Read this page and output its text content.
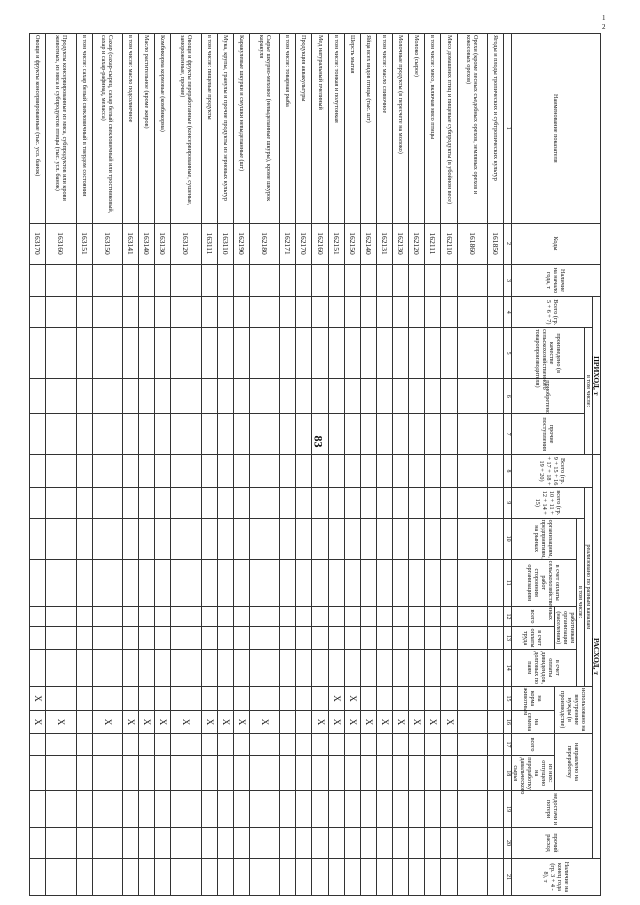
83
1
2
Наименование показателя	Коды	Наличие на начало года, т	ПРИХОД, т				РАСХОД, т													Наличие на конец года (гр. 3 + 4 - 8), т
			Всего (гр. 5 + 6 + 7)	в том числе:			Всего (гр. 9 + 15 + 16 + 17 + 18 + 19 + 20)	реализовано по разным каналам						использовано на внутренние нужды (в производстве)		направлено на переработку		недостачи и потери	прочий расход	
				произведено (в качестве сельскохозяйственного товаропроизводителя)	приобретено	прочие поступления		всего (гр. 10 + 11 + 12 + 14 + 15)	в том числе:											
									организациям, предприятиям, на рынках	в счет оплаты сельскохозяйственных работ сторонним организациям	работникам организации (населению)		в счет оплаты дивидендов, долговых по паям							
											всего	в счет оплаты труда		на корма животным	на семена	всего	из них: отпущено на переработку давальческого сырья			
1	2	3	4	5	6	7	8	9	10	11	12	13	14	15	16	17	18	19	20	21
Ягоды и плоды тропических и субтропических культур	161850																			
Орехи (кроме лесных съедобных орехов, земляных орехов и кокосовых орехов)	161860																			
Мясо домашних птиц и пищевые субпродукты (в убойном весе)	162110														X					
в том числе: мясо, включая мясо птицы	162111														X					
Молоко (сырое)	162120														X					
Молочные продукты (в пересчете на молоко)	162130														X					
в том числе: масло сливочное	162131														X					
Яйца всех видов птицы (тыс. шт)	162140														X					
Шерсть мытая	162150													X	X					
в том числе: тонкая и полутонкая	162151													X	X					
Мед натуральный пчелиный	162160														X					
Продукция аквакультуры	162170																			
в том числе: товарная рыба	162171																			
Сырье шкурно-меховое (невыделанные шкуры), кроме шкурок каракуля	162180														X					
Каракулевые шкурки и смушки невыделанные (шт)	162190														X					
Мука, крупы, гранулы и прочие продукты из зерновых культур	163110														X					
в том числе: пищевые продукты	163111														X					
Овощи и фрукты переработанные (консервированные, сушеные, замороженные, прочие)	163120														X					
Комбикорма кормовые (комбикорма)	163130														X					
Масло растительное (кроме жиров)	163140														X					
в том числе: масло подсолнечное	163141														X					
Сахар (сахар-сырец, сахар белый свекловичный или тростниковый, сахар и сахар-рафинад, меласса)	163150														X					
в том числе: сахар белый свекловичный в твердом состоянии	163151																			
Продукты консервированные из мяса, субпродуктов или крови животных, из мяса и субпродуктов птицы (тыс. усл. банок)	163160														X					
Овощи и фрукты консервированные (тыс. усл. банок)	163170													X	X					
